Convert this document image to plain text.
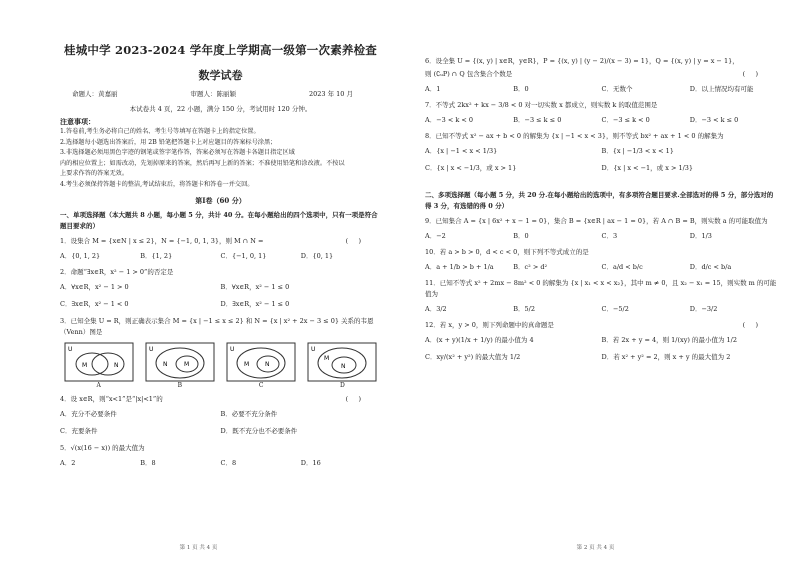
桂城中学 2023-2024 学年度上学期高一级第一次素养检查
数学试卷
命题人：黄嘉丽	审题人：陈丽颖	2023 年 10 月
本试卷共 4 页，22 小题，满分 150 分，考试用时 120 分钟。
注意事项：
1.答卷前,考生务必将自己的姓名、考生号等填写在答题卡上的指定位置。
2.选择题每小题选出答案后，用 2B 铅笔把答题卡上对应题目的答案标号涂黑；
3.非选择题必须用黑色字迹的钢笔或签字笔作答，答案必须写在答题卡各题目指定区域
内的相应位置上；如需改动，先划掉原来的答案，然后再写上新的答案；不准使用铅笔和涂改液。不按以
上要求作答的答案无效。
4.考生必须保持答题卡的整洁,考试结束后，将答题卡和答卷一并交回。
第Ⅰ卷（60 分）
一、单项选择题（本大题共 8 小题，每小题 5 分，共计 40 分。在每小题给出的四个选项中，只有一项是符合题目要求的）
1．设集合 M = {x∈N | x ≤ 2}，N = {−1, 0, 1, 3}，则 M ∩ N =	(     )
A．{0, 1, 2}	B．{1, 2}	C．{−1, 0, 1}	D．{0, 1}
2．命题“∃x∈R，x² − 1 > 0”的否定是
A．∀x∈R，x² − 1 > 0	B．∀x∈R，x² − 1 ≤ 0
C．∃x∈R，x² − 1 < 0	D．∃x∈R，x² − 1 ≤ 0
3．已知全集 U = R，则正确表示集合 M = {x | −1 ≤ x ≤ 2} 和 N = {x | x² + 2x − 3 ≤ 0} 关系的韦恩（Venn）图是
U
M	N
A
U
N	M
B
U
M	N
C
U
M
N
D
4．设 x∈R，则“x<1”是“|x|<1”的	(     )
A．充分不必要条件	B．必要不充分条件
C．充要条件	D．既不充分也不必要条件
5．√(x(16 − x)) 的最大值为
A．2	B．8	C．8	D．16
第 1 页 共 4 页
6．设全集 U = {(x, y) | x∈R，y∈R}，P = {(x, y) | (y − 2)/(x − 3) = 1}，Q = {(x, y) | y = x − 1}，
则 (∁ᵤP) ∩ Q 包含集合个数是	(     )
A．1	B．0	C．无数个	D．以上情况均有可能
7．不等式 2kx² + kx − 3/8 < 0 对一切实数 x 都成立，则实数 k 的取值范围是
A．−3 < k < 0	B．−3 ≤ k ≤ 0	C．−3 ≤ k < 0	D．−3 < k ≤ 0
8．已知不等式 x² − ax + b < 0 的解集为 {x | −1 < x < 3}，则不等式 bx² + ax + 1 < 0 的解集为
A．{x | −1 < x < 1/3}	B．{x | −1/3 < x < 1}
C．{x | x < −1/3，或 x > 1}	D．{x | x < −1，或 x > 1/3}
二、多项选择题（每小题 5 分，共 20 分.在每小题给出的选项中，有多项符合题目要求.全部选对的得 5 分，部分选对的得 3 分，有选错的得 0 分）
9．已知集合 A = {x | 6x² + x − 1 = 0}，集合 B = {x∈R | ax − 1 = 0}，若 A ∩ B = B，则实数 a 的可能取值为
A．−2	B．0	C．3	D．1/3
10．若 a > b > 0，d < c < 0，则下列不等式成立的是
A．a + 1/b > b + 1/a	B．c² > d²	C．a/d < b/c	D．d/c < b/a
11．已知不等式 x² + 2mx − 8m² < 0 的解集为 {x | x₁ < x < x₂}，其中 m ≠ 0，且 x₂ − x₁ = 15，则实数 m 的可能值为
A．3/2	B．5/2	C．−5/2	D．−3/2
12．若 x，y > 0，则下列命题中的真命题是	(     )
A．(x + y)(1/x + 1/y) 的最小值为 4	B．若 2x + y = 4，则 1/(xy) 的最小值为 1/2
C．xy/(x² + y²) 的最大值为 1/2	D．若 x² + y² = 2，则 x + y 的最大值为 2
第 2 页 共 4 页
